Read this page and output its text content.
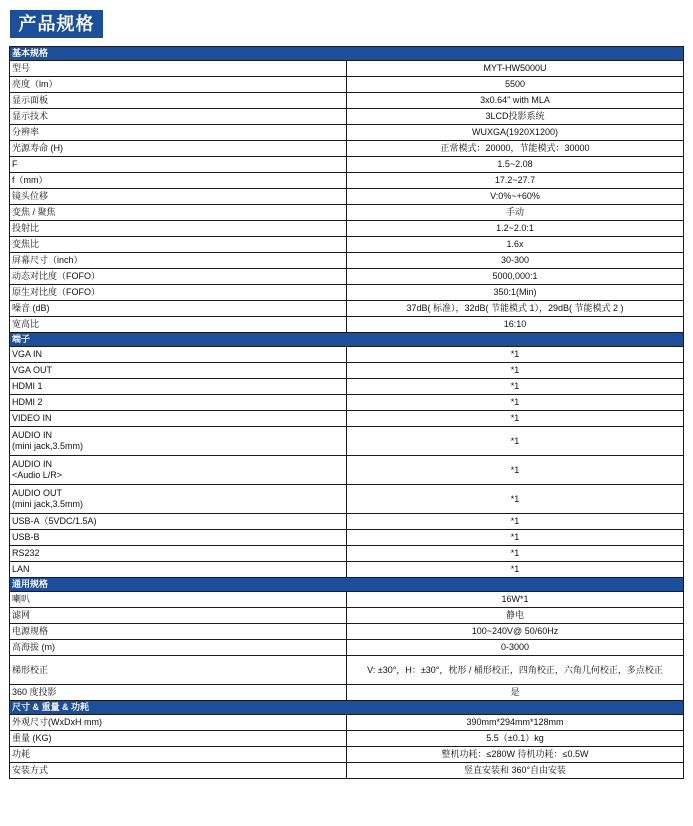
产品规格
基本规格	
型号	MYT-HW5000U
亮度（lm）	5500
显示面板	3x0.64" with MLA
显示技术	3LCD投影系统
分辨率	WUXGA(1920X1200)
光源寿命 (H)	正常模式：20000，节能模式：30000
F	1.5~2.08
f（mm）	17.2~27.7
镜头位移	V:0%~+60%
变焦 / 聚焦	手动
投射比	1.2~2.0:1
变焦比	1.6x
屏幕尺寸（inch）	30-300
动态对比度（FOFO）	5000,000:1
原生对比度（FOFO）	350:1(Min)
噪音 (dB)	37dB( 标准），32dB( 节能模式 1），29dB( 节能模式 2 )
宽高比	16:10
端子	
VGA IN	*1
VGA OUT	*1
HDMI 1	*1
HDMI 2	*1
VIDEO IN	*1

AUDIO IN
(mini jack,3.5mm)	*1

AUDIO IN
<Audio L/R>	*1

AUDIO OUT
(mini jack,3.5mm)	*1
USB-A（5VDC/1.5A)	*1
USB-B	*1
RS232	*1
LAN	*1
通用规格	
喇叭	16W*1
滤网	静电
电源规格	100~240V@ 50/60Hz
高海拔 (m)	0-3000
梯形校正	V: ±30°，H：±30°，枕形 / 桶形校正，四角校正，六角几何校正，多点校正
360 度投影	是
尺寸 & 重量 & 功耗	
外观尺寸(WxDxH mm)	390mm*294mm*128mm
重量 (KG)	5.5（±0.1）kg
功耗	整机功耗：≤280W 待机功耗：≤0.5W
安装方式	竖直安装和 360°自由安装
